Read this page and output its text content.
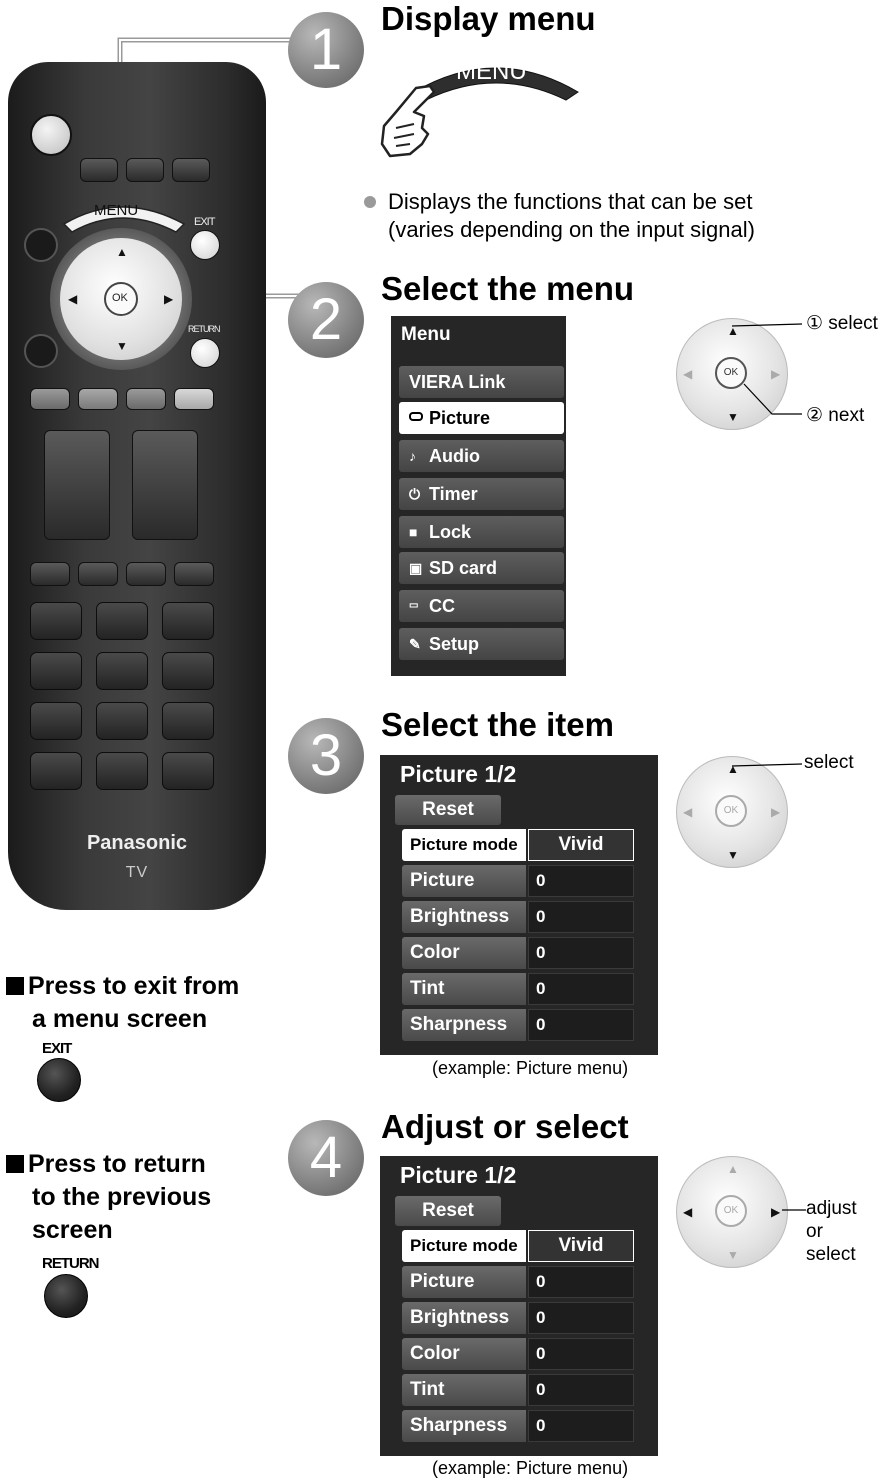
MENU
EXIT
OK
▲
▼
◀	▶
RETURN
Panasonic
TV
1	Display menu
MENU
Displays the functions that can be set
(varies depending on the input signal)
2	Select the menu
Menu
VIERA Link
Picture
♪ Audio
⏻ Timer
■ Lock
▣ SD card
▭ CC
✎ Setup
OK
▲
▼
◀	▶
① select
② next
3	Select the item
Picture 1/2
Reset
Picture mode	Vivid
Picture	0
Brightness	0
Color	0
Tint	0
Sharpness	0
(example: Picture menu)
OK
▲
▼
◀	▶
select
4	Adjust or select
Picture 1/2
Reset
Picture mode	Vivid
Picture	0
Brightness	0
Color	0
Tint	0
Sharpness	0
(example: Picture menu)
OK
▲
▼
◀	▶ adjust
or
select
Press to exit from
a menu screen
EXIT
Press to return
to the previous
screen
RETURN
